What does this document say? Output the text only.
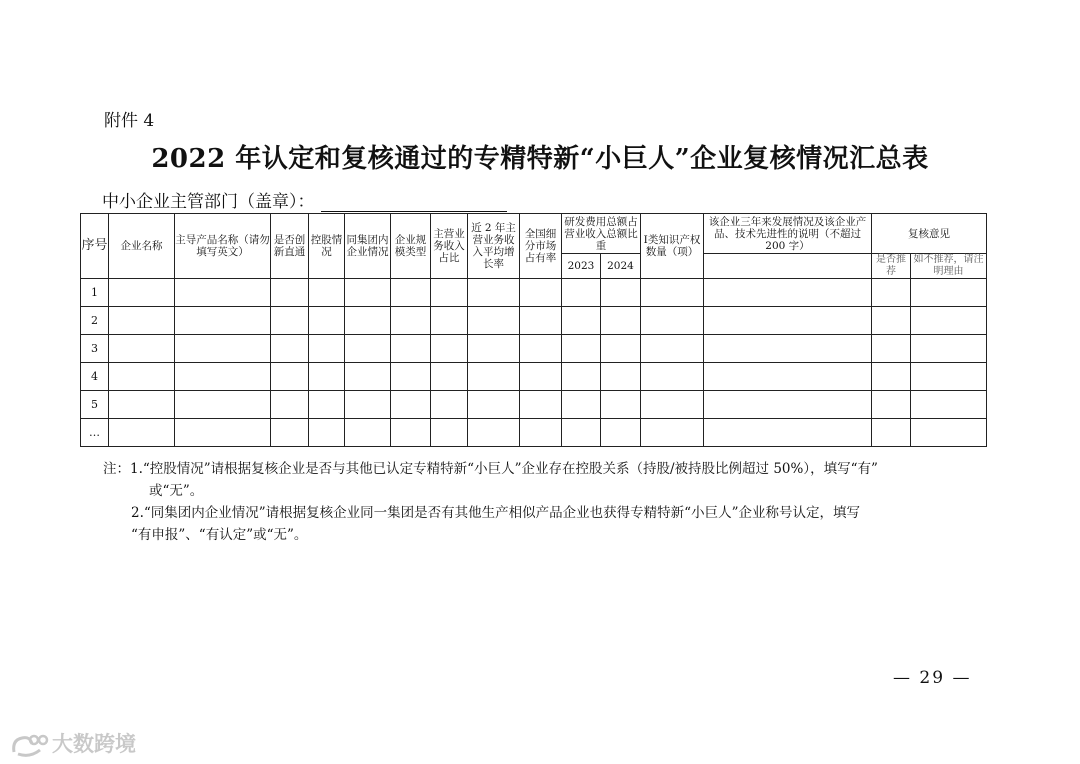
附件 4
2022 年认定和复核通过的专精特新“小巨人”企业复核情况汇总表
中小企业主管部门（盖章）：
序号	企业名称	主导产品名称（请勿填写英文）	是否创新直通	控股情况	同集团内企业情况	企业规模类型	主营业务收入占比	近 2 年主营业务收入平均增长率	全国细分市场占有率	研发费用总额占营业收入总额比重		Ⅰ类知识产权数量（项）	该企业三年来发展情况及该企业产品、技术先进性的说明（不超过 200 字）	复核意见	
										2023	2024			是否推荐	如不推荐，请注明理由
1															
2															
3															
4															
5															
…															
注：1.“控股情况”请根据复核企业是否与其他已认定专精特新“小巨人”企业存在控股关系（持股/被持股比例超过 50%），填写“有”
或“无”。
2.“同集团内企业情况”请根据复核企业同一集团是否有其他生产相似产品企业也获得专精特新“小巨人”企业称号认定，填写
“有申报”、“有认定”或“无”。
— 29 —
大数跨境
